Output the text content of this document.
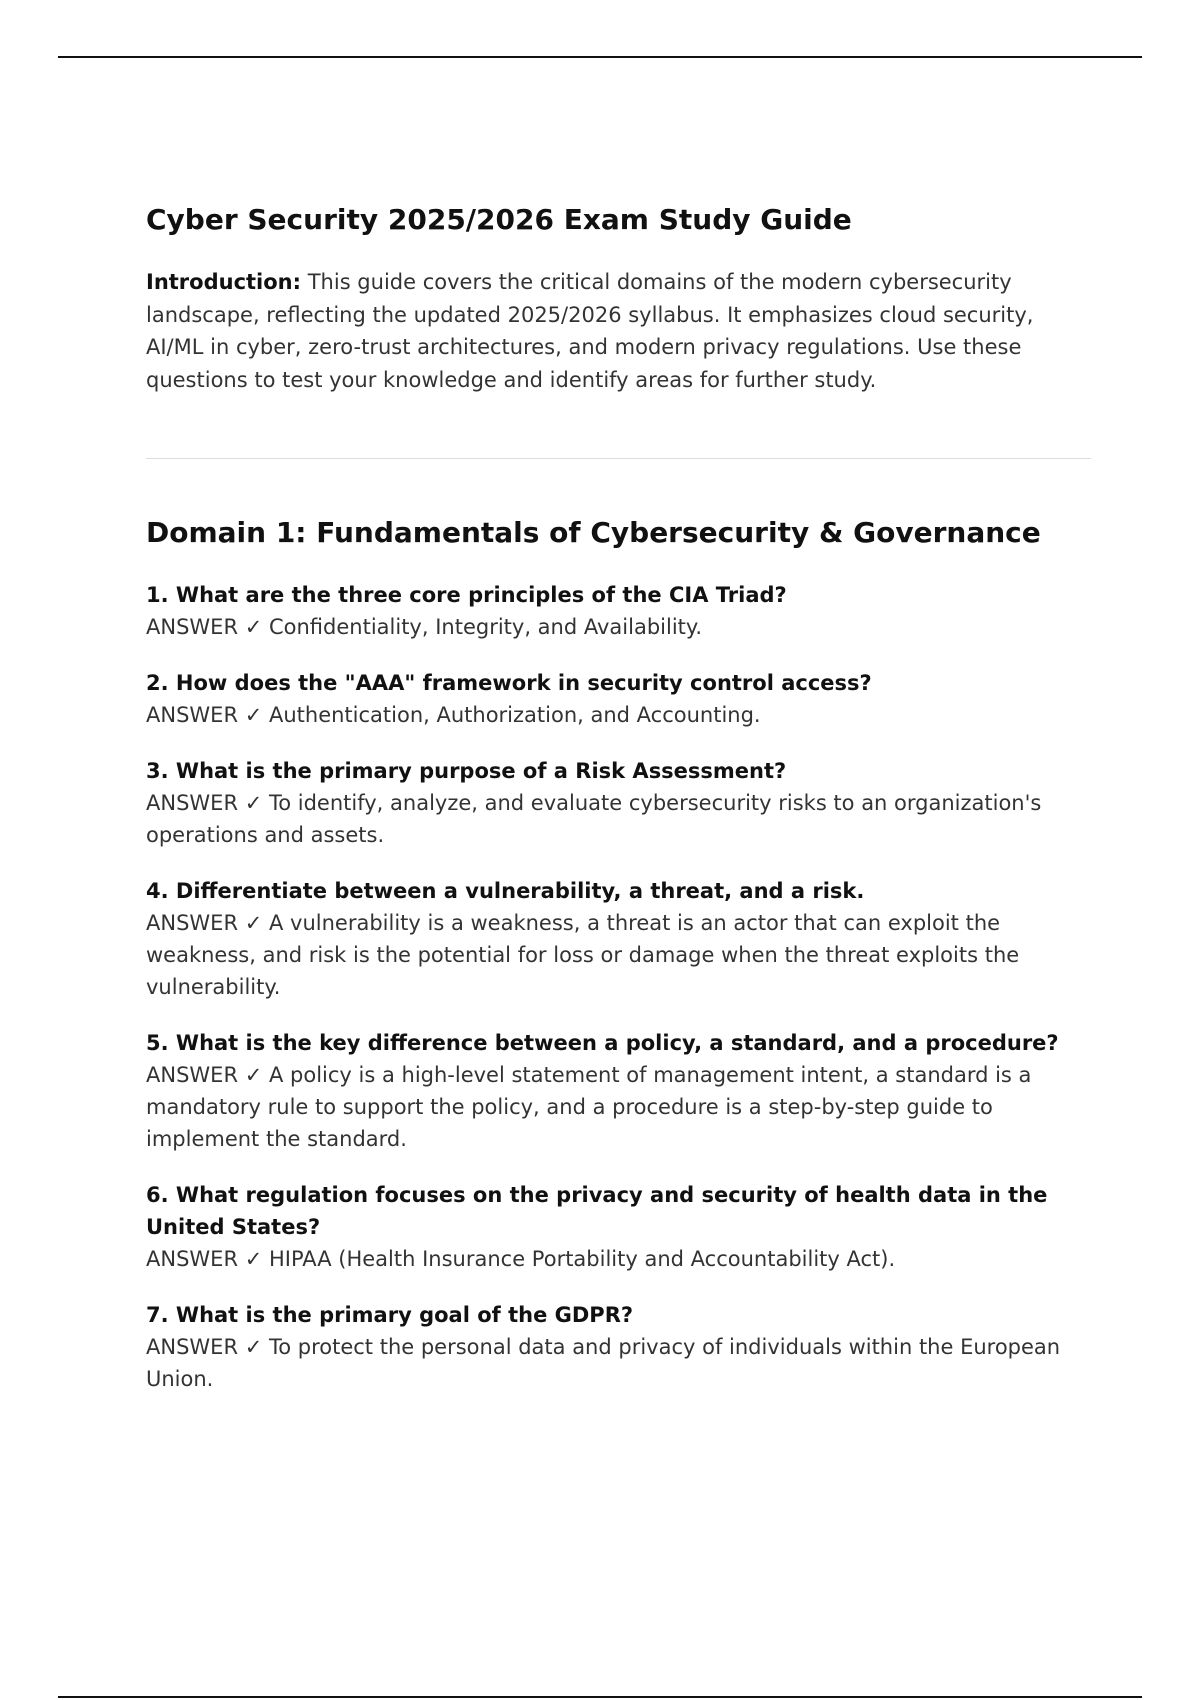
Cyber Security 2025/2026 Exam Study Guide

Introduction: This guide covers the critical domains of the modern cybersecurity landscape, reflecting the updated 2025/2026 syllabus. It emphasizes cloud security, AI/ML in cyber, zero-trust architectures, and modern privacy regulations. Use these questions to test your knowledge and identify areas for further study.

Domain 1: Fundamentals of Cybersecurity & Governance
1. What are the three core principles of the CIA Triad?
ANSWER ✓ Confidentiality, Integrity, and Availability.
2. How does the "AAA" framework in security control access?
ANSWER ✓ Authentication, Authorization, and Accounting.
3. What is the primary purpose of a Risk Assessment?
ANSWER ✓ To identify, analyze, and evaluate cybersecurity risks to an organization's operations and assets.
4. Differentiate between a vulnerability, a threat, and a risk.
ANSWER ✓ A vulnerability is a weakness, a threat is an actor that can exploit the weakness, and risk is the potential for loss or damage when the threat exploits the vulnerability.
5. What is the key difference between a policy, a standard, and a procedure?
ANSWER ✓ A policy is a high-level statement of management intent, a standard is a mandatory rule to support the policy, and a procedure is a step-by-step guide to implement the standard.
6. What regulation focuses on the privacy and security of health data in the United States?
ANSWER ✓ HIPAA (Health Insurance Portability and Accountability Act).
7. What is the primary goal of the GDPR?
ANSWER ✓ To protect the personal data and privacy of individuals within the European Union.
